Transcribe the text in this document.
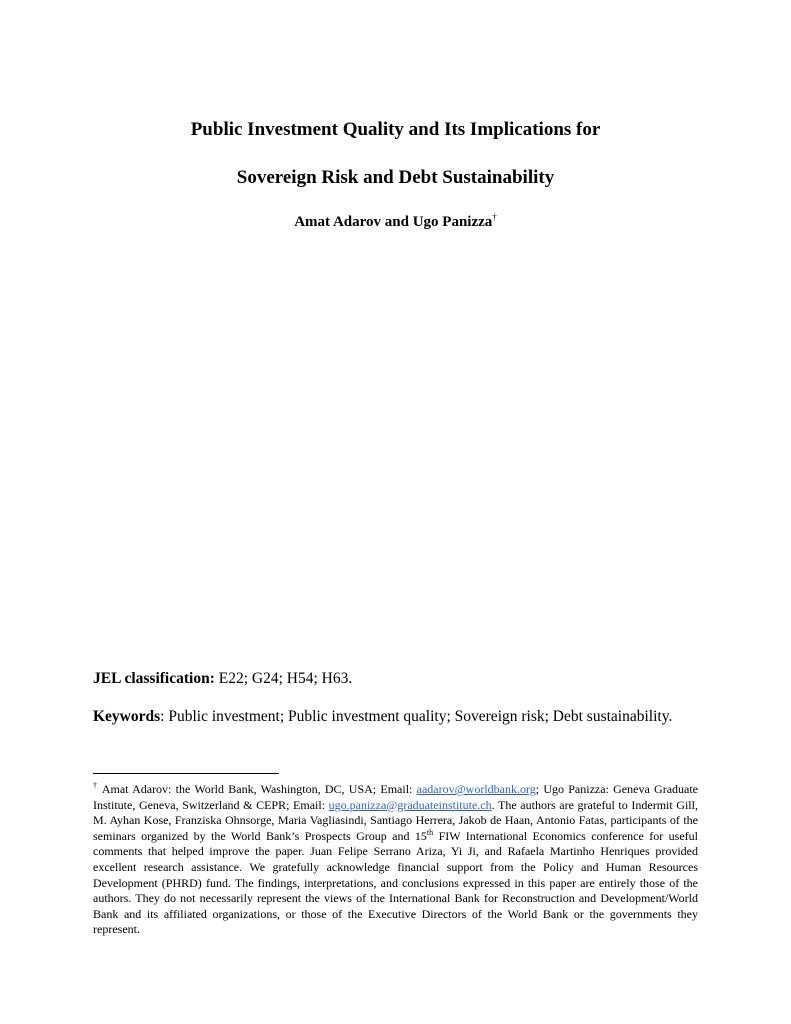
Public Investment Quality and Its Implications for
Sovereign Risk and Debt Sustainability
Amat Adarov and Ugo Panizza†
JEL classification: E22; G24; H54; H63.
Keywords: Public investment; Public investment quality; Sovereign risk; Debt sustainability.

† Amat Adarov: the World Bank, Washington, DC, USA; Email: aadarov@worldbank.org; Ugo Panizza: Geneva Graduate Institute, Geneva, Switzerland & CEPR; Email: ugo.panizza@graduateinstitute.ch. The authors are grateful to Indermit Gill, M. Ayhan Kose, Franziska Ohnsorge, Maria Vagliasindi, Santiago Herrera, Jakob de Haan, Antonio Fatas, participants of the seminars organized by the World Bank’s Prospects Group and 15th FIW International Economics conference for useful comments that helped improve the paper. Juan Felipe Serrano Ariza, Yi Ji, and Rafaela Martinho Henriques provided excellent research assistance. We gratefully acknowledge financial support from the Policy and Human Resources Development (PHRD) fund. The findings, interpretations, and conclusions expressed in this paper are entirely those of the authors. They do not necessarily represent the views of the International Bank for Reconstruction and Development/World Bank and its affiliated organizations, or those of the Executive Directors of the World Bank or the governments they represent.
